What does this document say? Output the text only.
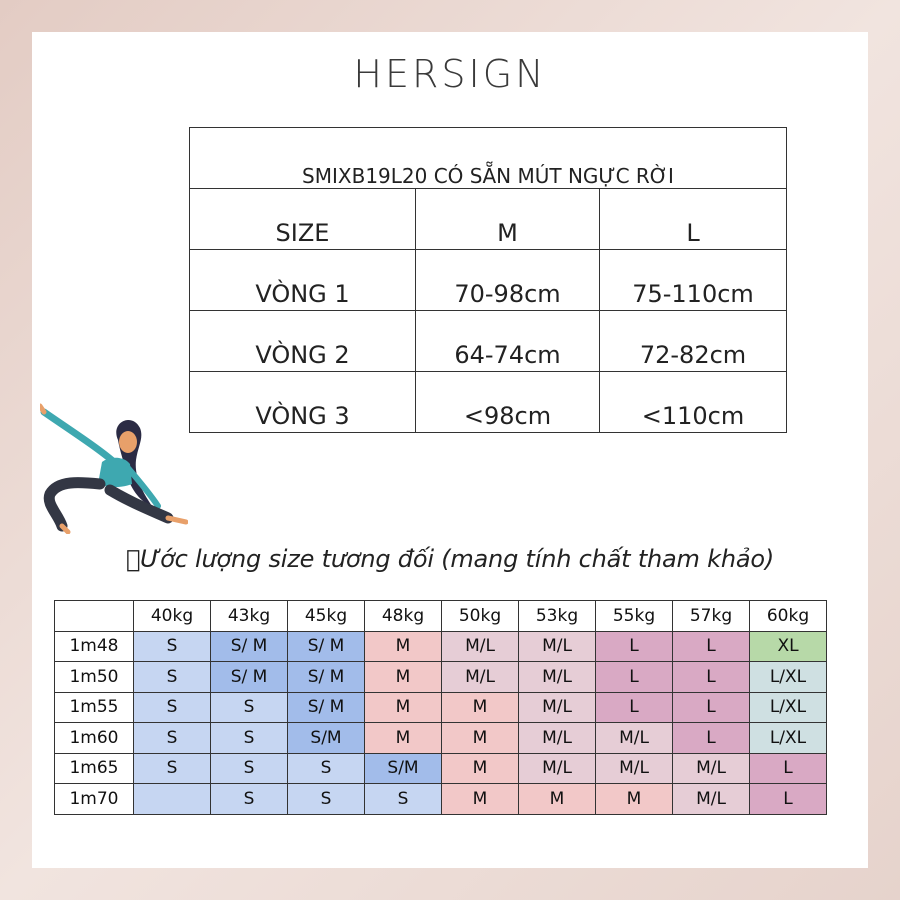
HERSIGN
SMIXB19L20 CÓ SẴN MÚT NGỰC RỜI		
SIZE	M	L
VÒNG 1	70-98cm	75-110cm
VÒNG 2	64-74cm	72-82cm
VÒNG 3	<98cm	<110cm
􏰀Ước lượng size tương đối (mang tính chất tham khảo)
	40kg	43kg	45kg	48kg	50kg	53kg	55kg	57kg	60kg
1m48	S	S/ M	S/ M	M	M/L	M/L	L	L	XL
1m50	S	S/ M	S/ M	M	M/L	M/L	L	L	L/XL
1m55	S	S	S/ M	M	M	M/L	L	L	L/XL
1m60	S	S	S/M	M	M	M/L	M/L	L	L/XL
1m65	S	S	S	S/M	M	M/L	M/L	M/L	L
1m70		S	S	S	M	M	M	M/L	L
